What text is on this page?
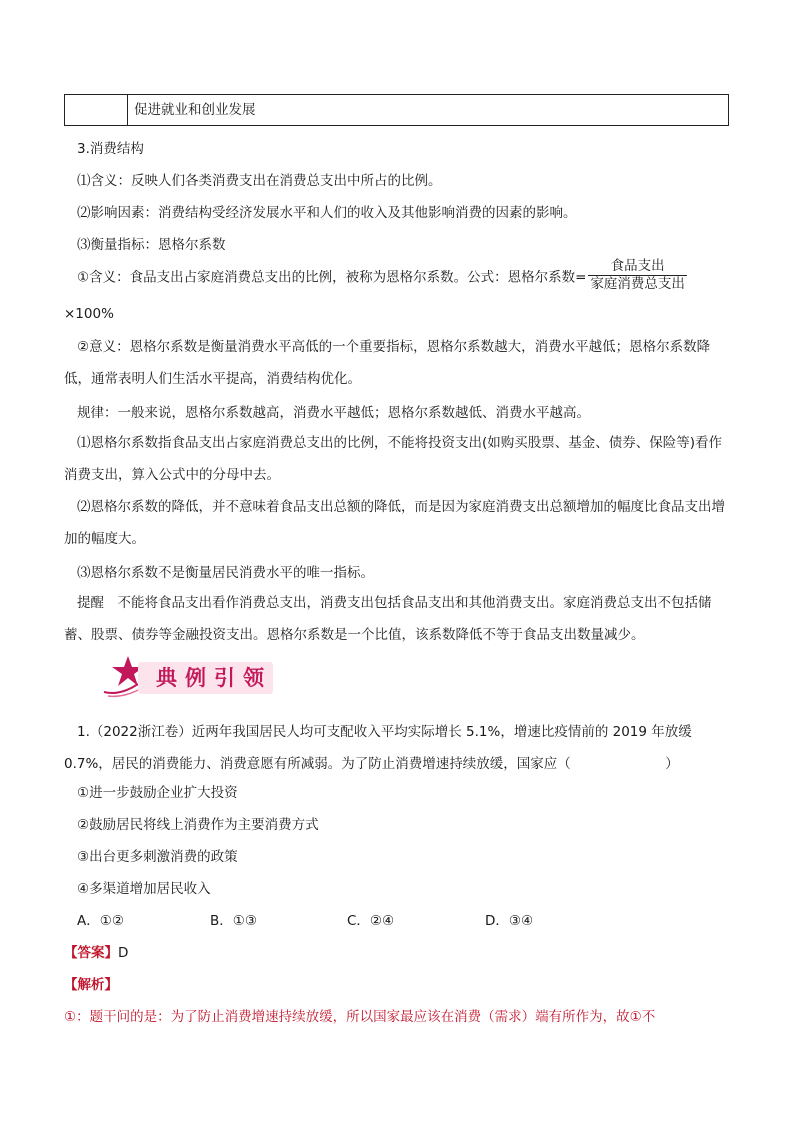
促进就业和创业发展
3.消费结构
⑴含义：反映人们各类消费支出在消费总支出中所占的比例。
⑵影响因素：消费结构受经济发展水平和人们的收入及其他影响消费的因素的影响。
⑶衡量指标：恩格尔系数
①含义：食品支出占家庭消费总支出的比例，被称为恩格尔系数。公式：恩格尔系数= $\frac{\text{食品支出}}{\text{家庭消费总支出}}$
×100%
②意义：恩格尔系数是衡量消费水平高低的一个重要指标，恩格尔系数越大，消费水平越低；恩格尔系数降低，通常表明人们生活水平提高，消费结构优化。
规律：一般来说，恩格尔系数越高，消费水平越低；恩格尔系数越低、消费水平越高。
⑴恩格尔系数指食品支出占家庭消费总支出的比例，不能将投资支出(如购买股票、基金、债券、保险等)看作消费支出，算入公式中的分母中去。
⑵恩格尔系数的降低，并不意味着食品支出总额的降低，而是因为家庭消费支出总额增加的幅度比食品支出增加的幅度大。
⑶恩格尔系数不是衡量居民消费水平的唯一指标。
提醒　 不能将食品支出看作消费总支出，消费支出包括食品支出和其他消费支出。家庭消费总支出不包括储蓄、股票、债券等金融投资支出。恩格尔系数是一个比值，该系数降低不等于食品支出数量减少。
典例引领
1.（2022浙江卷）近两年我国居民人均可支配收入平均实际增长 5.1%，增速比疫情前的 2019 年放缓 0.7%，居民的消费能力、消费意愿有所减弱。为了防止消费增速持续放缓，国家应（　　　　　　　）
①进一步鼓励企业扩大投资
②鼓励居民将线上消费作为主要消费方式
③出台更多刺激消费的政策
④多渠道增加居民收入
A．①②	B．①③	C．②④	D．③④
【答案】D
【解析】
①：题干问的是：为了防止消费增速持续放缓，所以国家最应该在消费（需求）端有所作为，故①不
